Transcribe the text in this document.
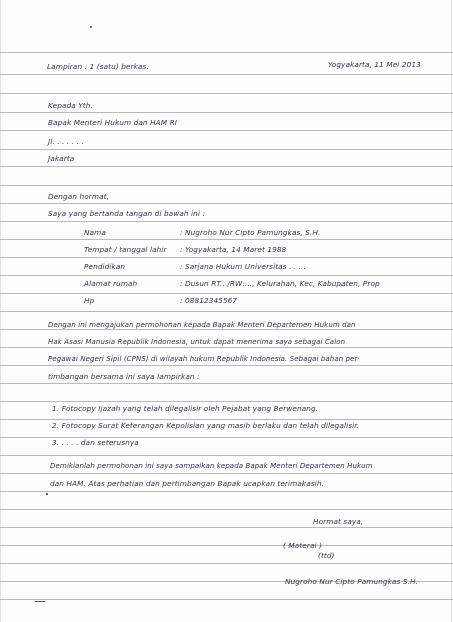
Lampiran : 1 (satu) berkas.	Yogyakarta, 11 Mei 2013
Kepada Yth.
Bapak Menteri Hukum dan HAM RI
Jl. . . . . . .
Jakarta
Dengan hormat,
Saya yang bertanda tangan di bawah ini :
Nama	: Nugroho Nur Cipto Pamungkas, S.H.
Tempat / tanggal lahir : Yogyakarta, 14 Maret 1988
Pendidikan	: Sarjana Hukum Universitas . . . .
Alamat rumah	: Dusun RT.. /RW:..., Kelurahan, Kec, Kabupaten, Prop
Hp	: 08812345567
Dengan ini mengajukan permohonan kepada Bapak Menteri Departemen Hukum dan
Hak Asasi Manusia Republik Indonesia, untuk dapat menerima saya sebagai Calon
Pegawai Negeri Sipil (CPNS) di wilayah hukum Republik Indonesia. Sebagai bahan per-
timbangan bersama ini saya lampirkan :
1. Fotocopy Ijazah yang telah dilegalisir oleh Pejabat yang Berwenang.
2. Fotocopy Surat Keterangan Kepolisian yang masih berlaku dan telah dilegalisir.
3. . . . . dan seterusnya
Demikianlah permohonan ini saya sampaikan kepada Bapak Menteri Departemen Hukum
dan HAM. Atas perhatian dan pertimbangan Bapak ucapkan terimakasih.
Hormat saya,
( Materai )
(ttd)
Nugroho Nur Cipto Pamungkas S.H.
